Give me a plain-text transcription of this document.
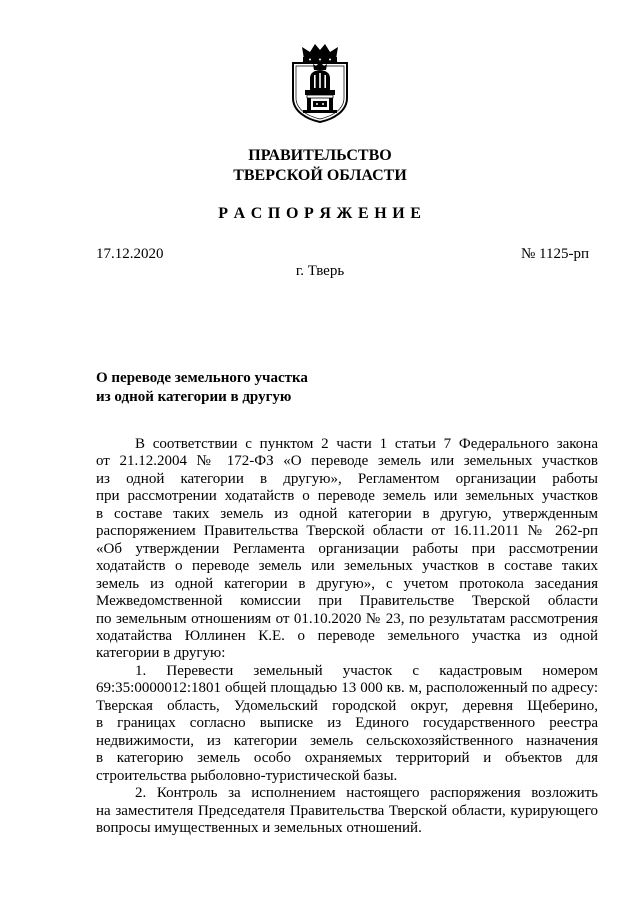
ПРАВИТЕЛЬСТВО
ТВЕРСКОЙ ОБЛАСТИ
Р А С П О Р Я Ж Е Н И Е
17.12.2020	№ 1125-рп
г. Тверь
О переводе земельного участка
из одной категории в другую
В соответствии с пунктом 2 части 1 статьи 7 Федерального закона
от 21.12.2004 № 172-ФЗ «О переводе земель или земельных участков
из одной категории в другую», Регламентом организации работы
при рассмотрении ходатайств о переводе земель или земельных участков
в составе таких земель из одной категории в другую, утвержденным
распоряжением Правительства Тверской области от 16.11.2011 № 262-рп
«Об утверждении Регламента организации работы при рассмотрении
ходатайств о переводе земель или земельных участков в составе таких
земель из одной категории в другую», с учетом протокола заседания
Межведомственной комиссии при Правительстве Тверской области
по земельным отношениям от 01.10.2020 № 23, по результатам рассмотрения
ходатайства Юллинен К.Е. о переводе земельного участка из одной
категории в другую:
1. Перевести земельный участок с кадастровым номером
69:35:0000012:1801 общей площадью 13 000 кв. м, расположенный по адресу:
Тверская область, Удомельский городской округ, деревня Щеберино,
в границах согласно выписке из Единого государственного реестра
недвижимости, из категории земель сельскохозяйственного назначения
в категорию земель особо охраняемых территорий и объектов для
строительства рыболовно-туристической базы.
2. Контроль за исполнением настоящего распоряжения возложить
на заместителя Председателя Правительства Тверской области, курирующего
вопросы имущественных и земельных отношений.
